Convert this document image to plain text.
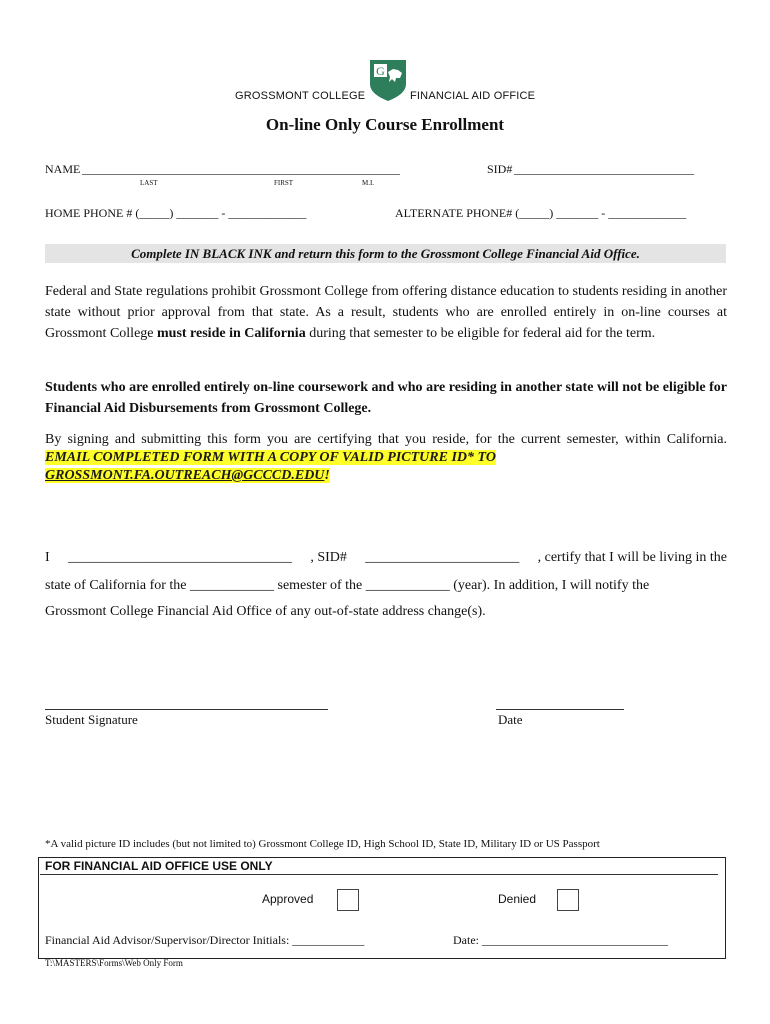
G
GROSSMONT COLLEGE	FINANCIAL AID OFFICE
On-line Only Course Enrollment
NAME _____________________________________________________	SID# ______________________________
LAST	FIRST	M.I.
HOME PHONE # (_____) _______ - _____________	ALTERNATE PHONE# (_____) _______ - _____________
Complete IN BLACK INK and return this form to the Grossmont College Financial Aid Office.

Federal and State regulations prohibit Grossmont College from offering distance education to students residing in another state without prior approval from that state. As a result, students who are enrolled entirely in on-line courses at Grossmont College must reside in California during that semester to be eligible for federal aid for the term.

Students who are enrolled entirely on-line coursework and who are residing in another state will not be eligible for Financial Aid Disbursements from Grossmont College.

By signing and submitting this form you are certifying that you reside, for the current semester, within California. EMAIL COMPLETED FORM WITH A COPY OF VALID PICTURE ID* TO
GROSSMONT.FA.OUTREACH@GCCCD.EDU!

I ________________________________ , SID# ______________________ , certify that I will be living in the
state of California for the ____________ semester of the ____________ (year). In addition, I will notify the
Grossmont College Financial Aid Office of any out-of-state address change(s).
Student Signature	Date
*A valid picture ID includes (but not limited to) Grossmont College ID, High School ID, State ID, Military ID or US Passport
FOR FINANCIAL AID OFFICE USE ONLY
Approved	Denied
Financial Aid Advisor/Supervisor/Director Initials: ____________	Date: _______________________________
T:\MASTERS\Forms\Web Only Form
